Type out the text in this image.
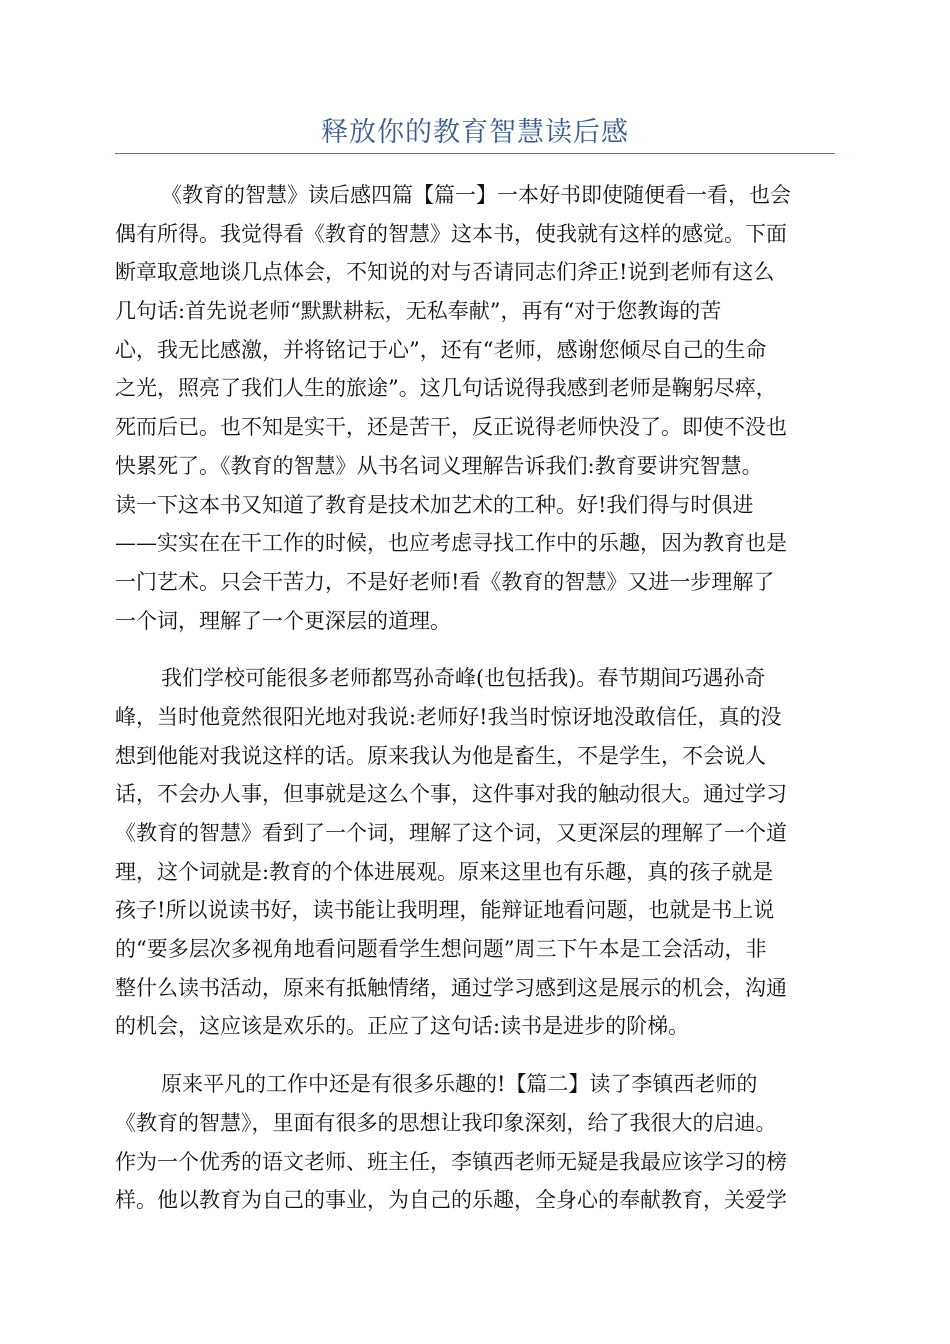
释放你的教育智慧读后感
《教育的智慧》读后感四篇【篇一】一本好书即使随便看一看，也会
偶有所得。我觉得看《教育的智慧》这本书，使我就有这样的感觉。下面
断章取意地谈几点体会，不知说的对与否请同志们斧正!说到老师有这么
几句话:首先说老师“默默耕耘，无私奉献”，再有“对于您教诲的苦
心，我无比感激，并将铭记于心”，还有“老师，感谢您倾尽自己的生命
之光，照亮了我们人生的旅途”。这几句话说得我感到老师是鞠躬尽瘁，
死而后已。也不知是实干，还是苦干，反正说得老师快没了。即使不没也
快累死了。《教育的智慧》从书名词义理解告诉我们:教育要讲究智慧。
读一下这本书又知道了教育是技术加艺术的工种。好!我们得与时俱进
——实实在在干工作的时候，也应考虑寻找工作中的乐趣，因为教育也是
一门艺术。只会干苦力，不是好老师!看《教育的智慧》又进一步理解了
一个词，理解了一个更深层的道理。
我们学校可能很多老师都骂孙奇峰(也包括我)。春节期间巧遇孙奇
峰，当时他竟然很阳光地对我说:老师好!我当时惊讶地没敢信任，真的没
想到他能对我说这样的话。原来我认为他是畜生，不是学生，不会说人
话，不会办人事，但事就是这么个事，这件事对我的触动很大。通过学习
《教育的智慧》看到了一个词，理解了这个词，又更深层的理解了一个道
理，这个词就是:教育的个体进展观。原来这里也有乐趣，真的孩子就是
孩子!所以说读书好，读书能让我明理，能辩证地看问题，也就是书上说
的“要多层次多视角地看问题看学生想问题”周三下午本是工会活动，非
整什么读书活动，原来有抵触情绪，通过学习感到这是展示的机会，沟通
的机会，这应该是欢乐的。正应了这句话:读书是进步的阶梯。
原来平凡的工作中还是有很多乐趣的!【篇二】读了李镇西老师的
《教育的智慧》，里面有很多的思想让我印象深刻，给了我很大的启迪。
作为一个优秀的语文老师、班主任，李镇西老师无疑是我最应该学习的榜
样。他以教育为自己的事业，为自己的乐趣，全身心的奉献教育，关爱学
